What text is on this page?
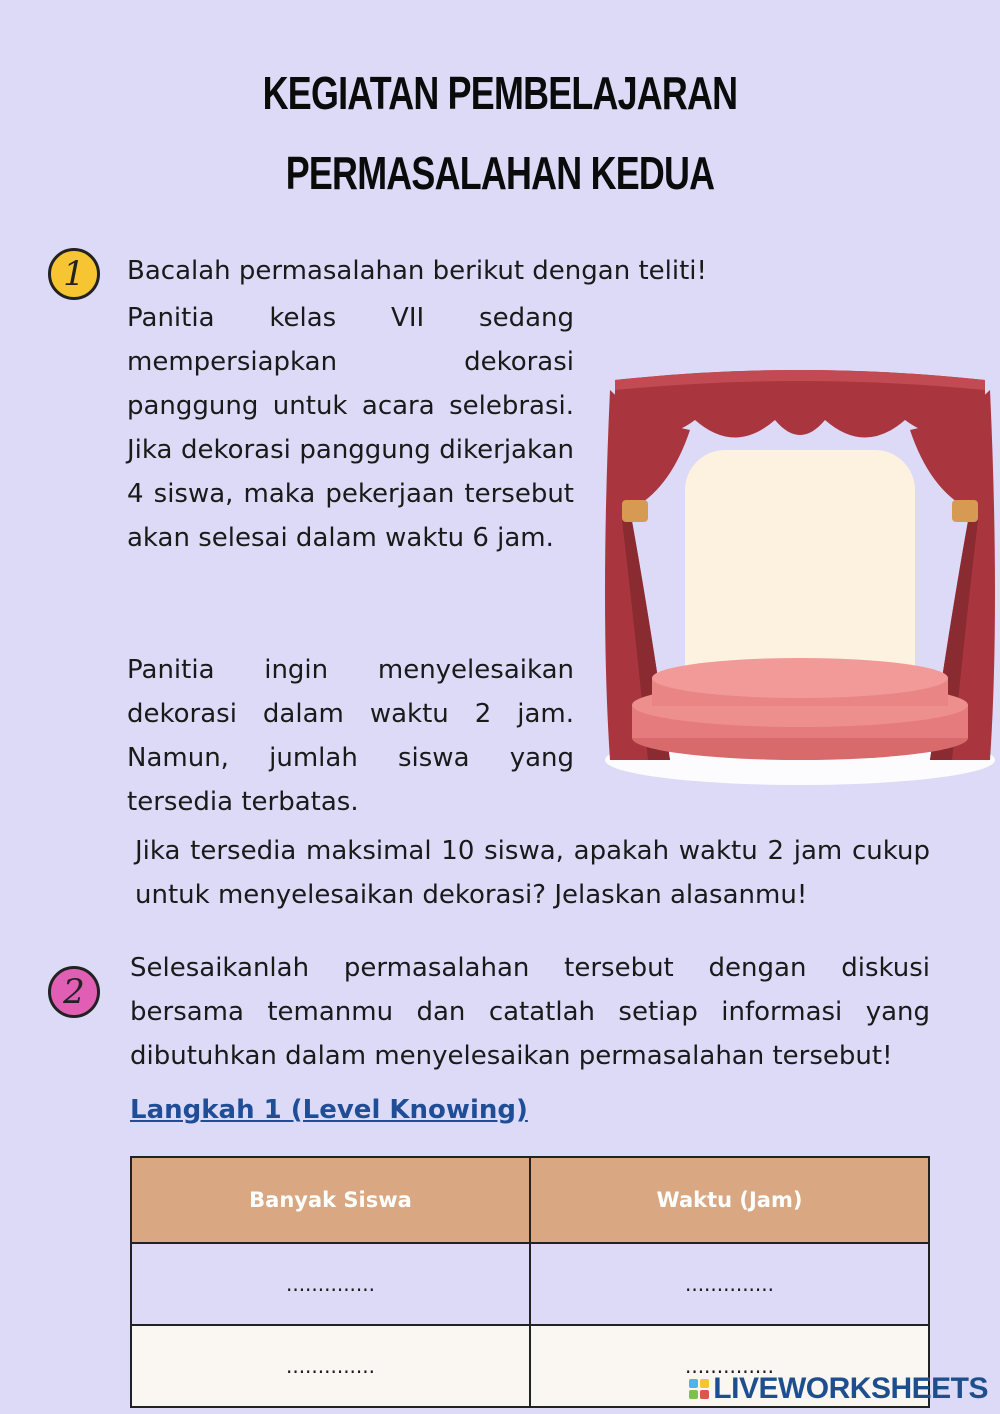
KEGIATAN PEMBELAJARAN
PERMASALAHAN KEDUA
1	Bacalah permasalahan berikut dengan teliti!
Panitia kelas VII sedang mempersiapkan dekorasi panggung untuk acara selebrasi. Jika dekorasi panggung dikerjakan 4 siswa, maka pekerjaan tersebut akan selesai dalam waktu 6 jam.
Panitia ingin menyelesaikan dekorasi dalam waktu 2 jam. Namun, jumlah siswa yang tersedia terbatas.
Jika tersedia maksimal 10 siswa, apakah waktu 2 jam cukup untuk menyelesaikan dekorasi? Jelaskan alasanmu!
2
Selesaikanlah permasalahan tersebut dengan diskusi bersama temanmu dan catatlah setiap informasi yang dibutuhkan dalam menyelesaikan permasalahan tersebut!
Langkah 1 (Level Knowing)
Banyak Siswa	Waktu (Jam)
..............	..............
..............	..............
LIVEWORKSHEETS
